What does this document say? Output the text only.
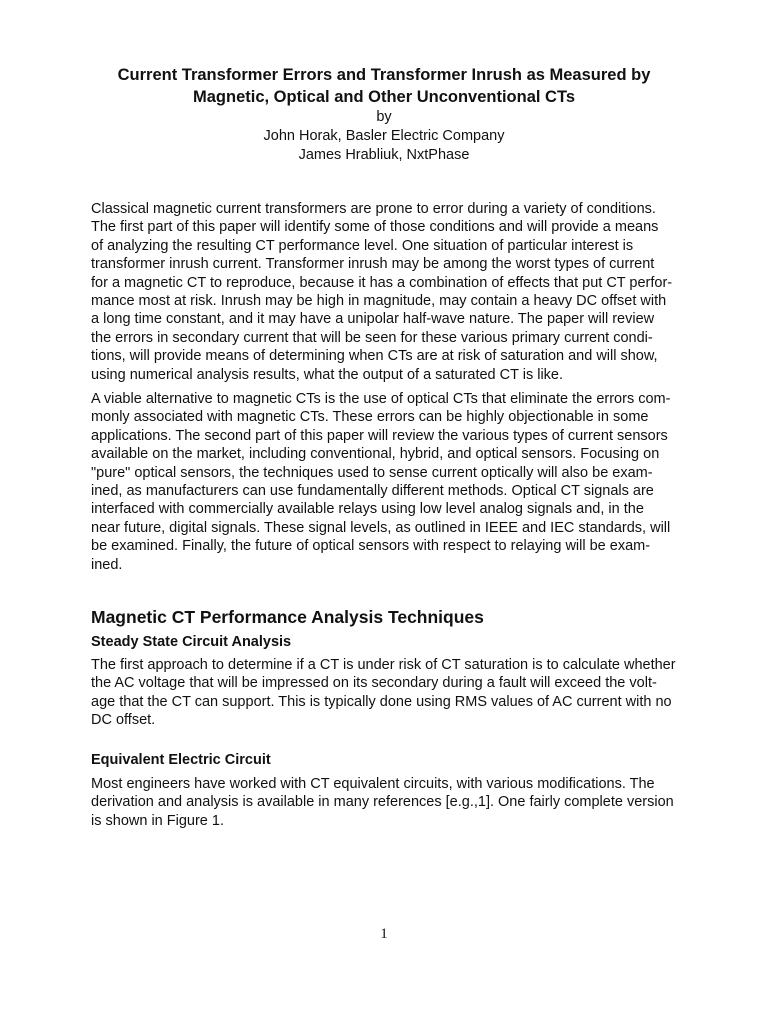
Current Transformer Errors and Transformer Inrush as Measured by

Magnetic, Optical and Other Unconventional CTs

by

John Horak, Basler Electric Company

James Hrabliuk, NxtPhase

Classical magnetic current transformers are prone to error during a variety of conditions.

The first part of this paper will identify some of those conditions and will provide a means

of analyzing the resulting CT performance level. One situation of particular interest is

transformer inrush current. Transformer inrush may be among the worst types of current

for a magnetic CT to reproduce, because it has a combination of effects that put CT perfor-

mance most at risk. Inrush may be high in magnitude, may contain a heavy DC offset with

a long time constant, and it may have a unipolar half-wave nature. The paper will review

the errors in secondary current that will be seen for these various primary current condi-

tions, will provide means of determining when CTs are at risk of saturation and will show,

using numerical analysis results, what the output of a saturated CT is like.

A viable alternative to magnetic CTs is the use of optical CTs that eliminate the errors com-

monly associated with magnetic CTs. These errors can be highly objectionable in some

applications. The second part of this paper will review the various types of current sensors

available on the market, including conventional, hybrid, and optical sensors. Focusing on

"pure" optical sensors, the techniques used to sense current optically will also be exam-

ined, as manufacturers can use fundamentally different methods. Optical CT signals are

interfaced with commercially available relays using low level analog signals and, in the

near future, digital signals. These signal levels, as outlined in IEEE and IEC standards, will

be examined. Finally, the future of optical sensors with respect to relaying will be exam-

ined.

Magnetic CT Performance Analysis Techniques
Steady State Circuit Analysis

The first approach to determine if a CT is under risk of CT saturation is to calculate whether

the AC voltage that will be impressed on its secondary during a fault will exceed the volt-

age that the CT can support. This is typically done using RMS values of AC current with no

DC offset.

Equivalent Electric Circuit

Most engineers have worked with CT equivalent circuits, with various modifications. The

derivation and analysis is available in many references [e.g.,1]. One fairly complete version

is shown in Figure 1.

1
